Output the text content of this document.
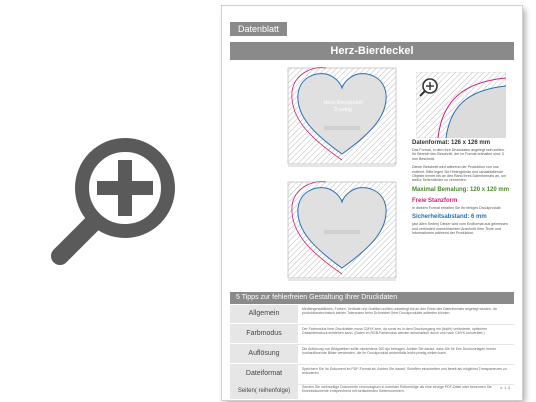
Datenblatt
Herz-Bierdeckel
Herz-Bierdeckel
2-seitig
Datenformat: 126 x 126 mm
Das Format, in dem Ihre Druckdaten angelegt sein sollten. Ihr Bereich den Beschnitt, der im Format enthalten sind: 3 mm Beschnitt.
Dieser Beschnitt wird während der Produktion von uns entfernt. Bitte legen Sie Hintergründe und randabfallende Objekte immer bis an den Rand Ihres Datenformats an, um weiße Seitenränder zu vermeiden.
Maximal Bemalung: 120 x 120 mm
Freie Stanzform
In diesem Format erhalten Sie Ihr fertiges Druckprodukt.
Sicherheitsabstand: 6 mm
(auf allen Seiten) Dieser wird vom Endformat aus gemessen und verhindert unerwünschten Anschnitt Ihrer Texte und Informationen während der Produktion.
5 Tipps zur fehlerfreien Gestaltung Ihrer Druckdaten
Allgemein
Mediengestaltliches, Farben, Verläufe und Grafiken sollten unbedingt bis an den Rand des Datenformats angelegt werden, da produktionstechnisch keinen Toleranzen beim Schneiden Ihrer Druckprodukte auftreten können.
Farbmodus
Der Farbmodus Ihrer Druckdaten muss CMYK sein, da sonst es in dem Druckvorgang ein (leicht) veränderte, optischen Gesamteindruck entstehen kann. (Daten im RGB-Farbmodus werden automatisch durch uns nach CMYK konvertiert.)
Auflösung
Die Auflösung von Bildgrafiken sollte mindestens 300 dpi betragen. Achten Sie darauf, dass Sie für Ihre Druckvorlagen immer hochauflösende Bilder verwenden, die Ihr Druckprodukt andernfalls leicht pixelig wirken kann.
Dateiformat
Speichern Sie Ihr Dokument im PDF-Format ab. Achten Sie darauf, Schriften einzubetten und bereit als möglichst Transparenzen zu reduzieren.
Seiten( reihenfolge)
Senden Sie mehrseitige Dokumente chronologisch in korrekter Reihenfolge als eine einzige PDF-Datei oder benennen Sie Einzeldokumente entsprechend mit fortlaufenden Seitennummern.
s. 1.3
